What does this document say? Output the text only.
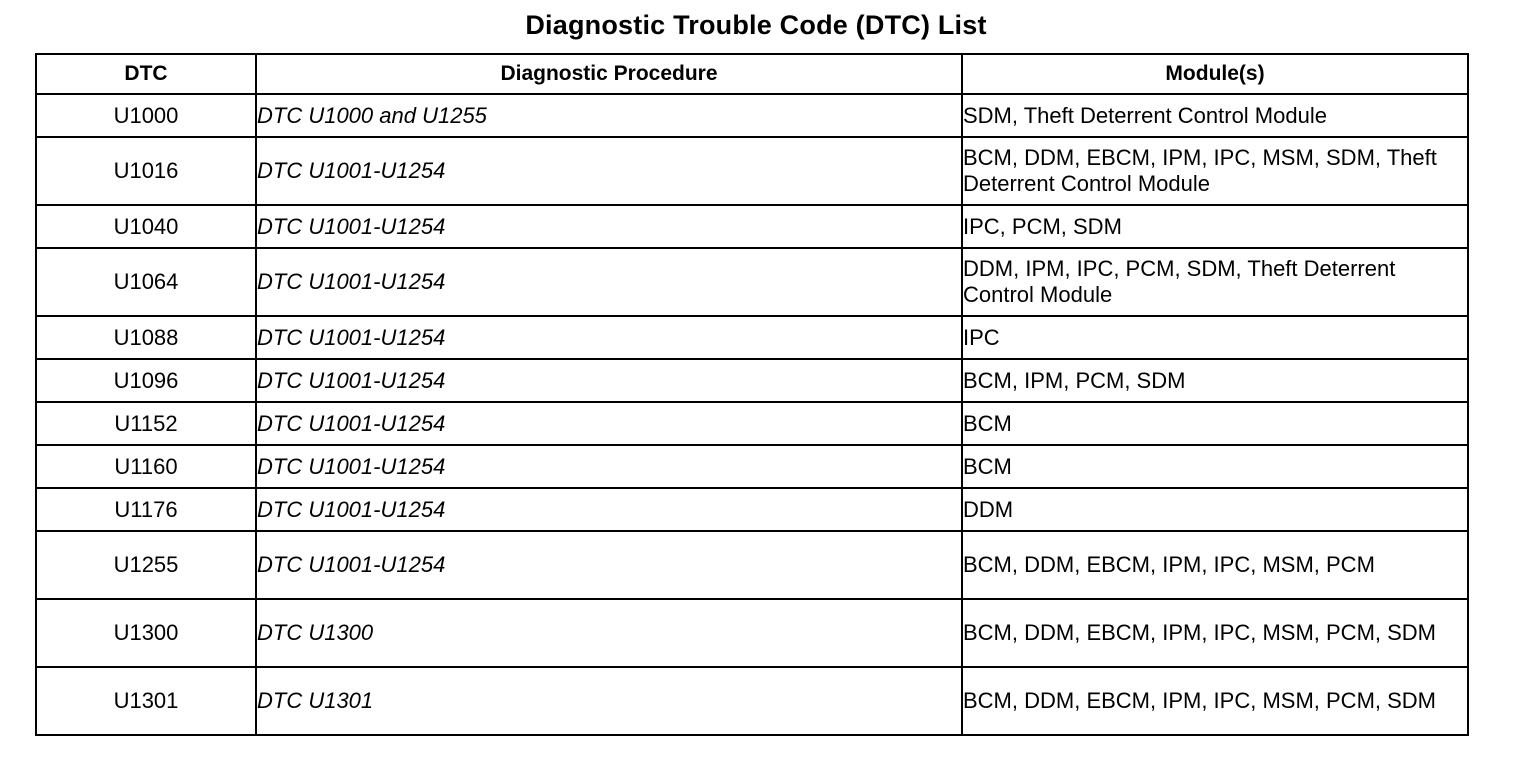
Diagnostic Trouble Code (DTC) List
DTC	Diagnostic Procedure	Module(s)
U1000	DTC U1000 and U1255	SDM, Theft Deterrent Control Module
U1016	DTC U1001-U1254	BCM, DDM, EBCM, IPM, IPC, MSM, SDM, Theft Deterrent Control Module
U1040	DTC U1001-U1254	IPC, PCM, SDM
U1064	DTC U1001-U1254	DDM, IPM, IPC, PCM, SDM, Theft Deterrent Control Module
U1088	DTC U1001-U1254	IPC
U1096	DTC U1001-U1254	BCM, IPM, PCM, SDM
U1152	DTC U1001-U1254	BCM
U1160	DTC U1001-U1254	BCM
U1176	DTC U1001-U1254	DDM
U1255	DTC U1001-U1254	BCM, DDM, EBCM, IPM, IPC, MSM, PCM
U1300	DTC U1300	BCM, DDM, EBCM, IPM, IPC, MSM, PCM, SDM
U1301	DTC U1301	BCM, DDM, EBCM, IPM, IPC, MSM, PCM, SDM
